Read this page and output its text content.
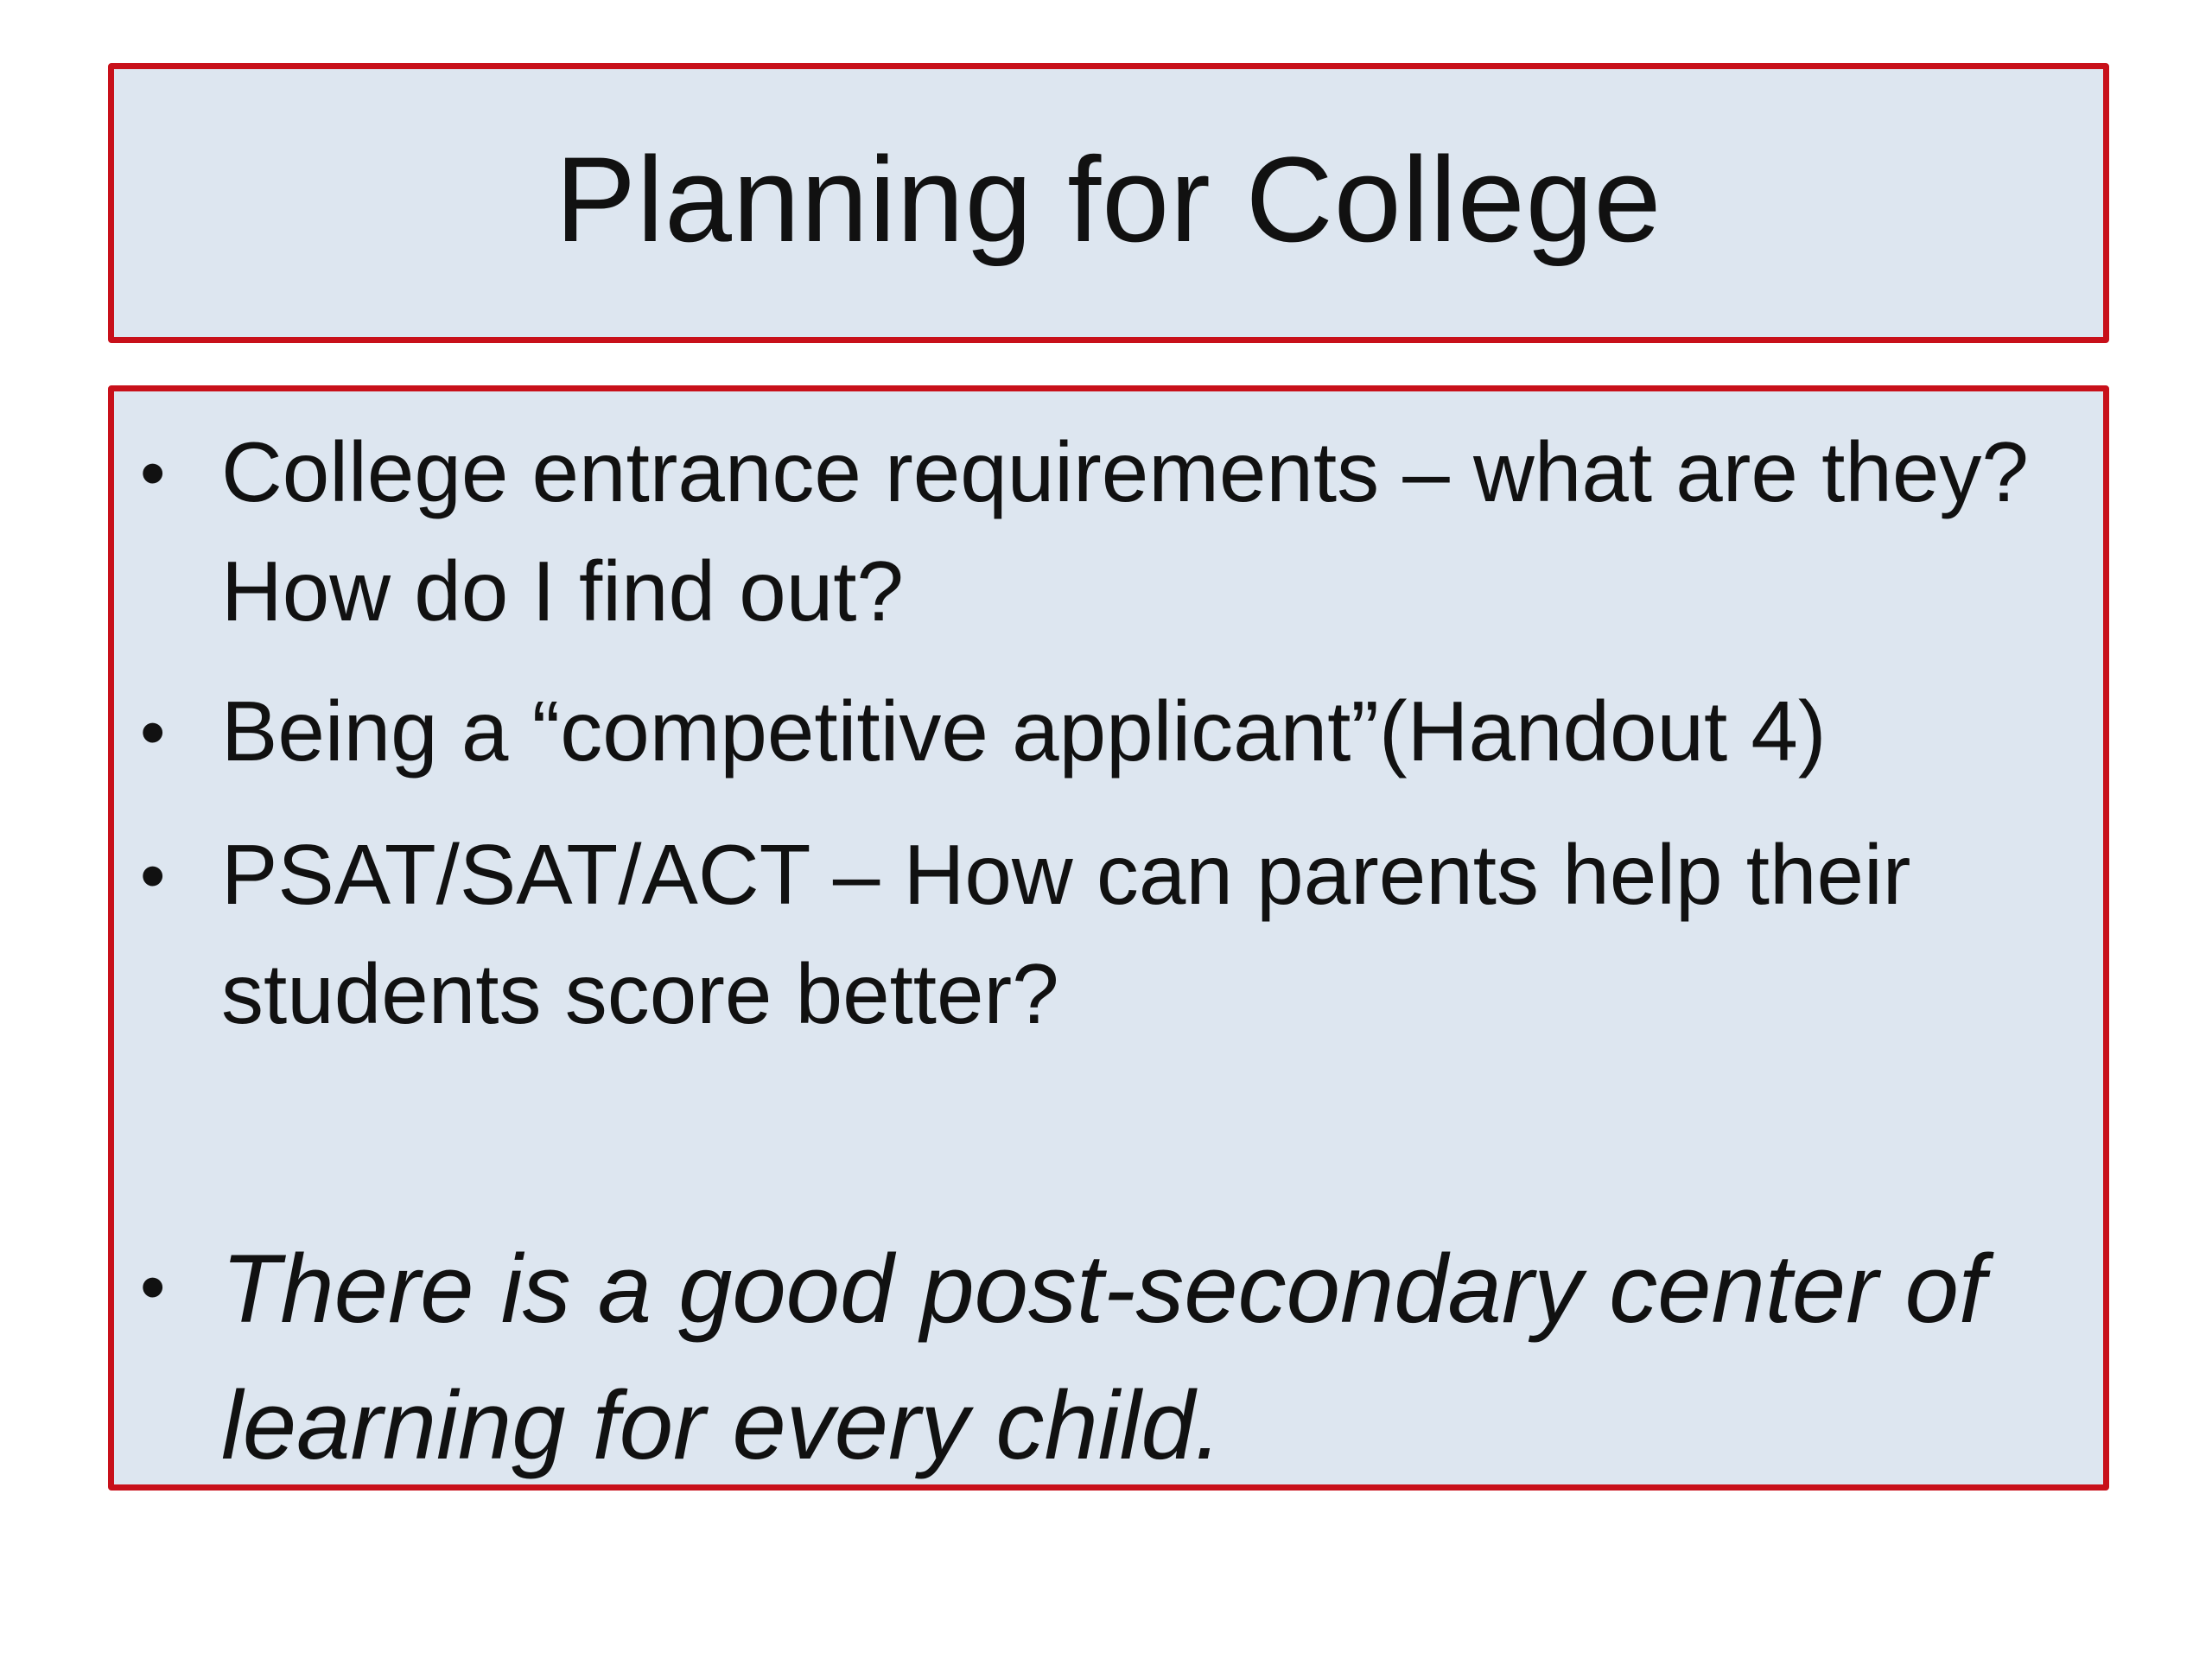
Planning for College
• College entrance requirements – what are they? How do I find out?
• Being a “competitive applicant”(Handout 4)
• PSAT/SAT/ACT – How can parents help their students score better?
• There is a good post-secondary center of learning for every child.
